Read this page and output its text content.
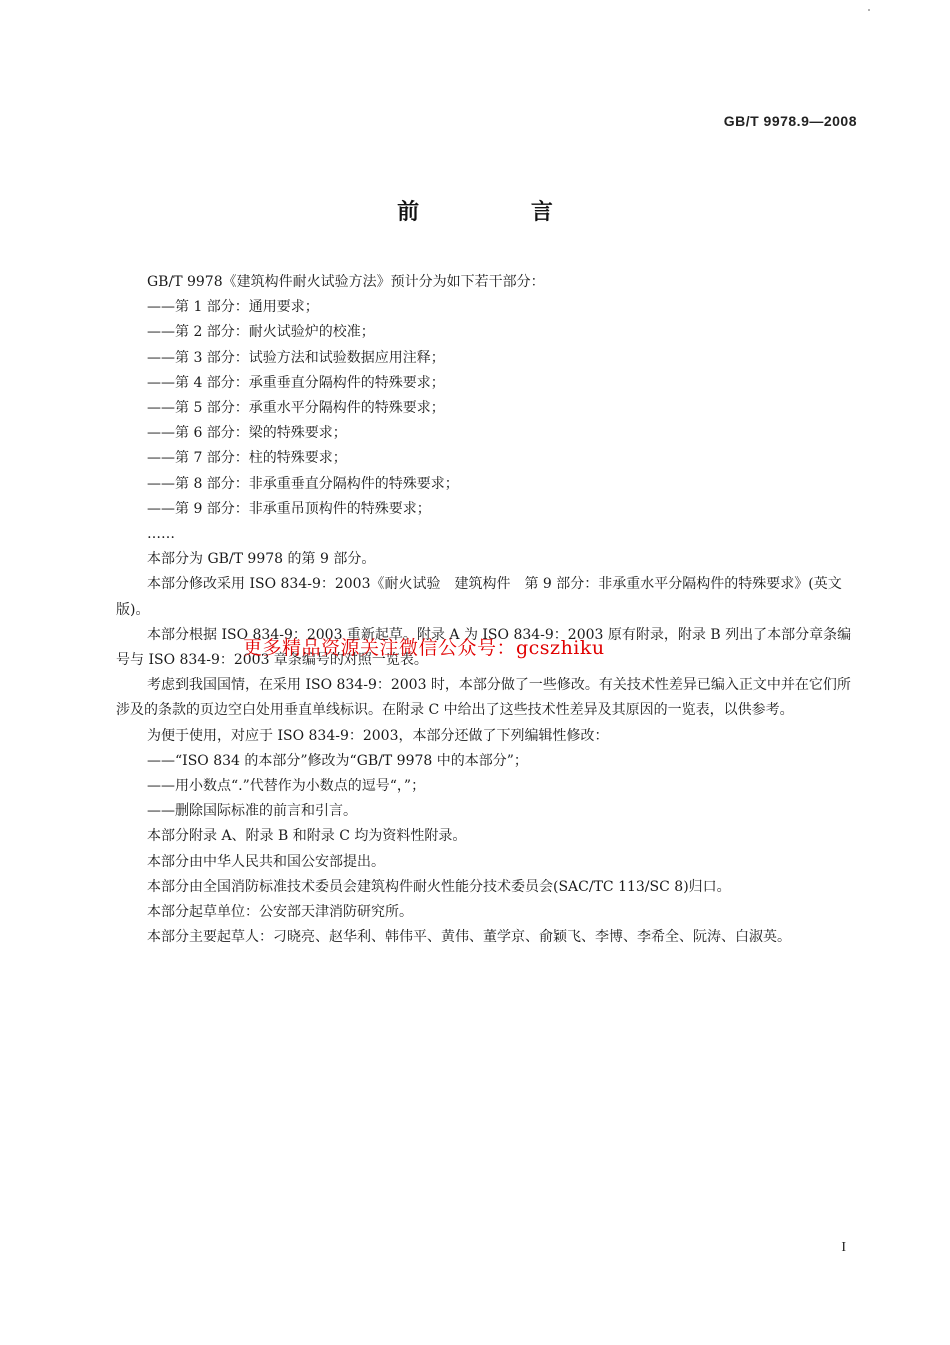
GB/T 9978.9—2008
前 言

GB/T 9978《建筑构件耐火试验方法》预计分为如下若干部分：

——第 1 部分：通用要求；

——第 2 部分：耐火试验炉的校准；

——第 3 部分：试验方法和试验数据应用注释；

——第 4 部分：承重垂直分隔构件的特殊要求；

——第 5 部分：承重水平分隔构件的特殊要求；

——第 6 部分：梁的特殊要求；

——第 7 部分：柱的特殊要求；

——第 8 部分：非承重垂直分隔构件的特殊要求；

——第 9 部分：非承重吊顶构件的特殊要求；

……

本部分为 GB/T 9978 的第 9 部分。

本部分修改采用 ISO 834-9：2003《耐火试验　建筑构件　第 9 部分：非承重水平分隔构件的特殊要求》(英文版)。

本部分根据 ISO 834-9：2003 重新起草。附录 A 为 ISO 834-9：2003 原有附录，附录 B 列出了本部分章条编号与 ISO 834-9：2003 章条编号的对照一览表。

考虑到我国国情，在采用 ISO 834-9：2003 时，本部分做了一些修改。有关技术性差异已编入正文中并在它们所涉及的条款的页边空白处用垂直单线标识。在附录 C 中给出了这些技术性差异及其原因的一览表，以供参考。

为便于使用，对应于 ISO 834-9：2003，本部分还做了下列编辑性修改：

——“ISO 834 的本部分”修改为“GB/T 9978 中的本部分”；

——用小数点“.”代替作为小数点的逗号“，”；

——删除国际标准的前言和引言。

本部分附录 A、附录 B 和附录 C 均为资料性附录。

本部分由中华人民共和国公安部提出。

本部分由全国消防标准技术委员会建筑构件耐火性能分技术委员会(SAC/TC 113/SC 8)归口。

本部分起草单位：公安部天津消防研究所。

本部分主要起草人：刁晓亮、赵华利、韩伟平、黄伟、董学京、俞颖飞、李博、李希全、阮涛、白淑英。

更多精品资源关注微信公众号：gcszhiku
I
